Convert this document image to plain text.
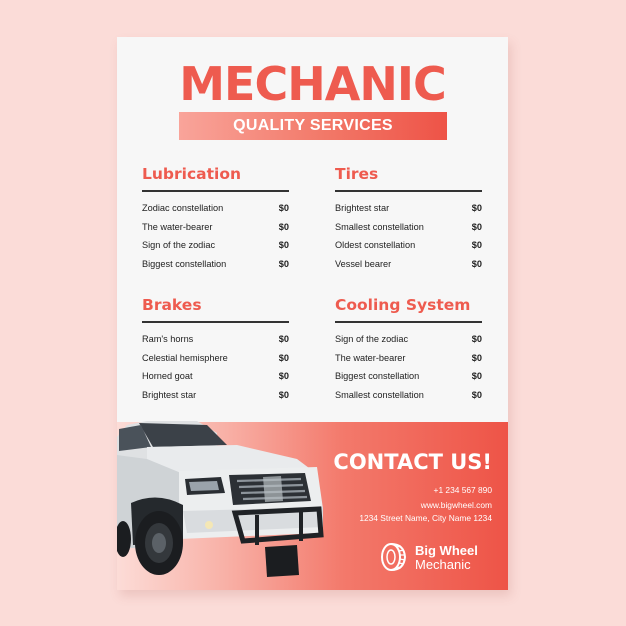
MECHANIC
QUALITY SERVICES
Lubrication
Zodiac constellation	$0
The water-bearer	$0
Sign of the zodiac	$0
Biggest constellation	$0
Tires
Brightest star	$0
Smallest constellation	$0
Oldest constellation	$0
Vessel bearer	$0
Brakes
Ram's horns	$0
Celestial hemisphere	$0
Horned goat	$0
Brightest star	$0
Cooling System
Sign of the zodiac	$0
The water-bearer	$0
Biggest constellation	$0
Smallest constellation	$0
CONTACT US!
+1 234 567 890
www.bigwheel.com
1234 Street Name, City Name 1234
Big Wheel
Mechanic
